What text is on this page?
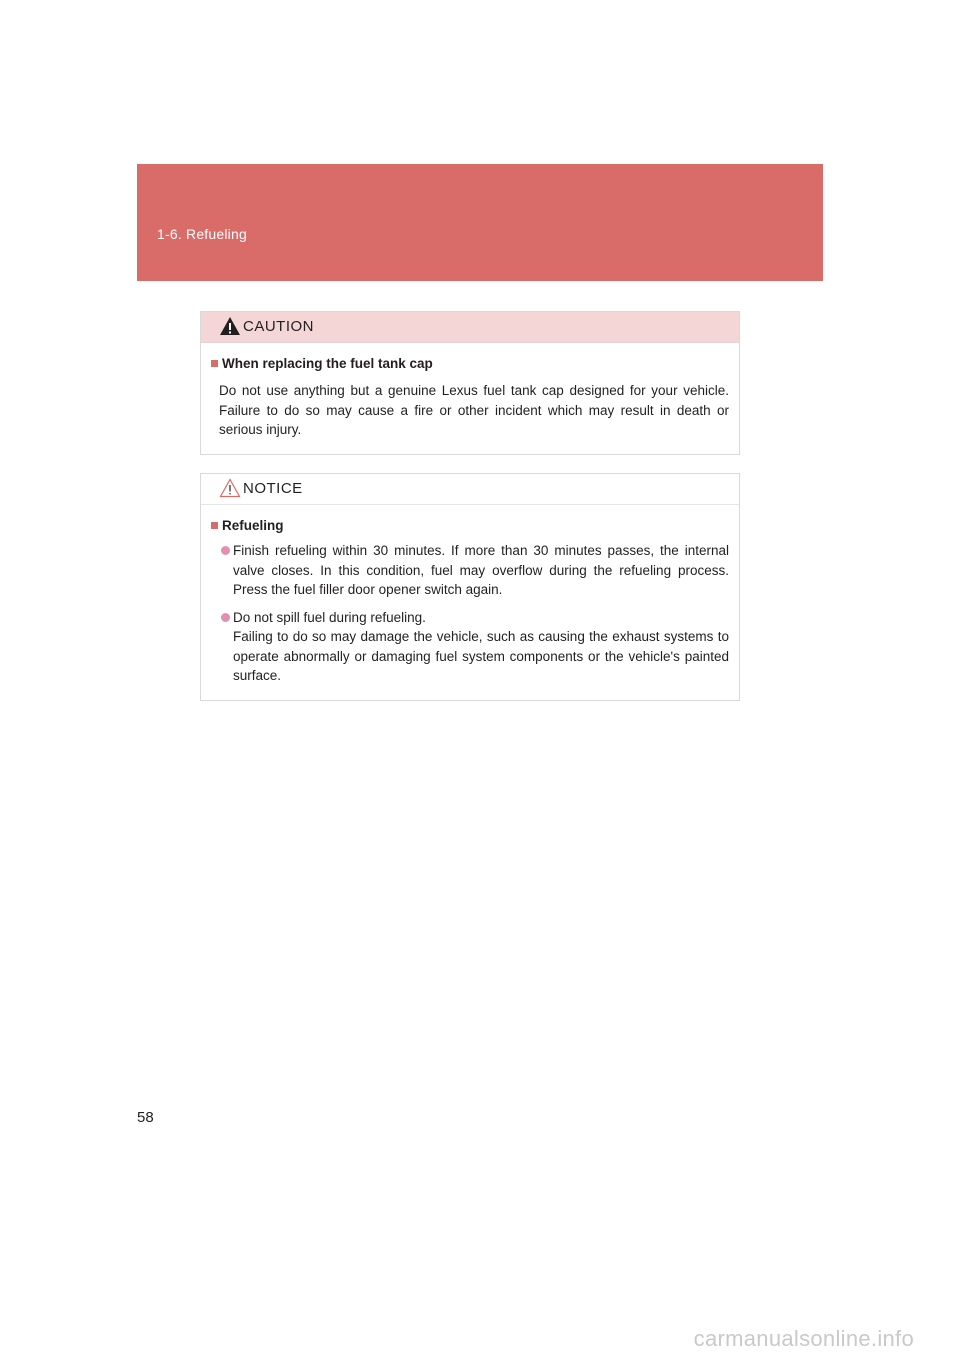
1-6. Refueling
CAUTION
When replacing the fuel tank cap
Do not use anything but a genuine Lexus fuel tank cap designed for your vehicle. Failure to do so may cause a fire or other incident which may result in death or serious injury.
NOTICE
Refueling
Finish refueling within 30 minutes. If more than 30 minutes passes, the internal valve closes. In this condition, fuel may overflow during the refueling process. Press the fuel filler door opener switch again.
Do not spill fuel during refueling.
Failing to do so may damage the vehicle, such as causing the exhaust systems to operate abnormally or damaging fuel system components or the vehicle's painted surface.
58
carmanualsonline.info
